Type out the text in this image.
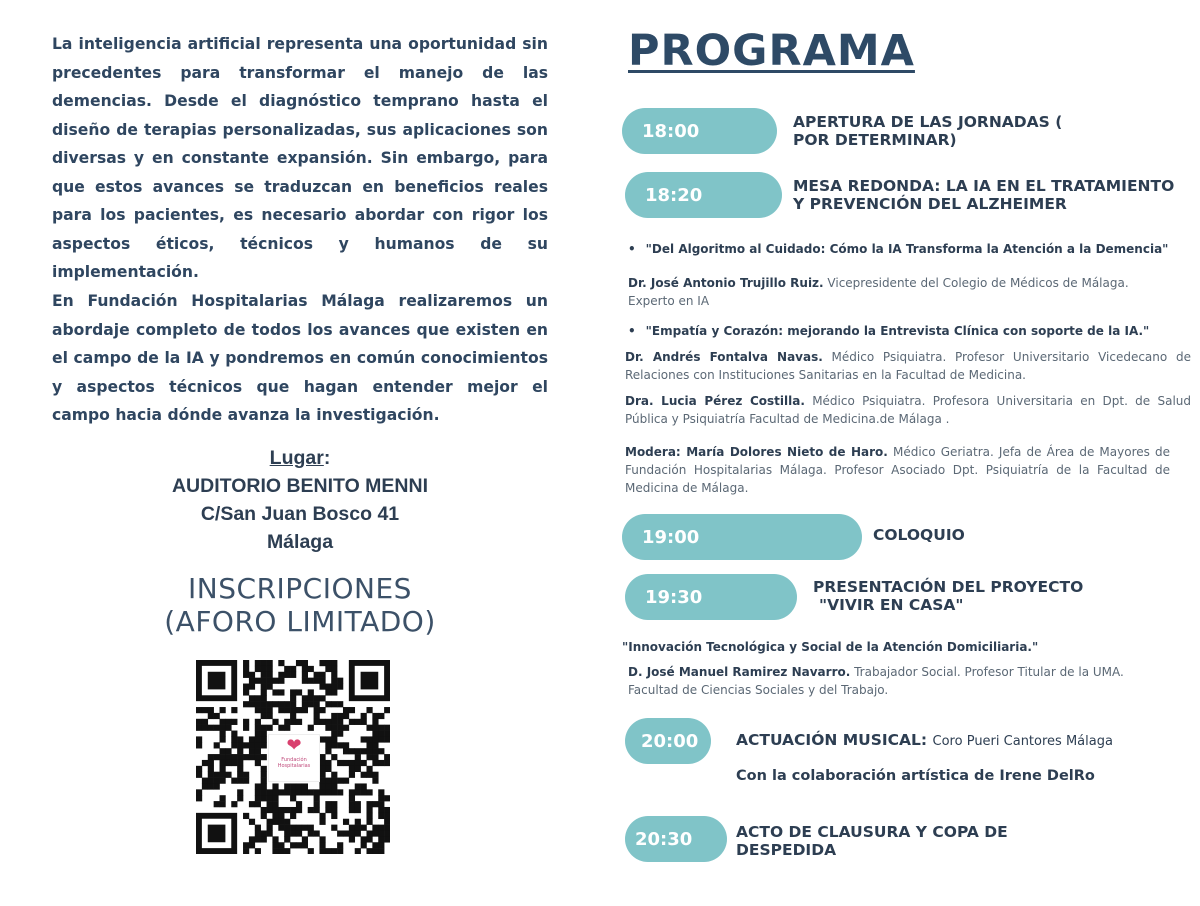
La inteligencia artificial representa una oportunidad sin precedentes para transformar el manejo de las demencias. Desde el diagnóstico temprano hasta el diseño de terapias personalizadas, sus aplicaciones son diversas y en constante expansión. Sin embargo, para que estos avances se traduzcan en beneficios reales para los pacientes, es necesario abordar con rigor los aspectos éticos, técnicos y humanos de su implementación.

En Fundación Hospitalarias Málaga realizaremos un abordaje completo de todos los avances que existen en el campo de la IA y pondremos en común conocimientos y aspectos técnicos que hagan entender mejor el campo hacia dónde avanza la investigación.

Lugar:
AUDITORIO BENITO MENNI
C/San Juan Bosco 41
Málaga
INSCRIPCIONES
(AFORO LIMITADO)
❤
Fundación Hospitalarias
PROGRAMA
18:00	APERTURA DE LAS JORNADAS ( POR DETERMINAR)
18:20	MESA REDONDA: LA IA EN EL TRATAMIENTO Y PREVENCIÓN DEL ALZHEIMER
• "Del Algoritmo al Cuidado: Cómo la IA Transforma la Atención a la Demencia"
Dr. José Antonio Trujillo Ruiz. Vicepresidente del Colegio de Médicos de Málaga. Experto en IA
• "Empatía y Corazón: mejorando la Entrevista Clínica con soporte de la IA."
Dr. Andrés Fontalva Navas. Médico Psiquiatra. Profesor Universitario Vicedecano de Relaciones con Instituciones Sanitarias en la Facultad de Medicina.
Dra. Lucia Pérez Costilla. Médico Psiquiatra. Profesora Universitaria en Dpt. de Salud Pública y Psiquiatría Facultad de Medicina.de Málaga .
Modera: María Dolores Nieto de Haro. Médico Geriatra. Jefa de Área de Mayores de Fundación Hospitalarias Málaga. Profesor Asociado Dpt. Psiquiatría de la Facultad de Medicina de Málaga.
19:00	COLOQUIO
19:30	PRESENTACIÓN DEL PROYECTO
"VIVIR EN CASA"
"Innovación Tecnológica y Social de la Atención Domiciliaria."
D. José Manuel Ramirez Navarro. Trabajador Social. Profesor Titular de la UMA. Facultad de Ciencias Sociales y del Trabajo.
20:00	ACTUACIÓN MUSICAL: Coro Pueri Cantores Málaga
Con la colaboración artística de Irene DelRo
20:30	ACTO DE CLAUSURA Y COPA DE DESPEDIDA
